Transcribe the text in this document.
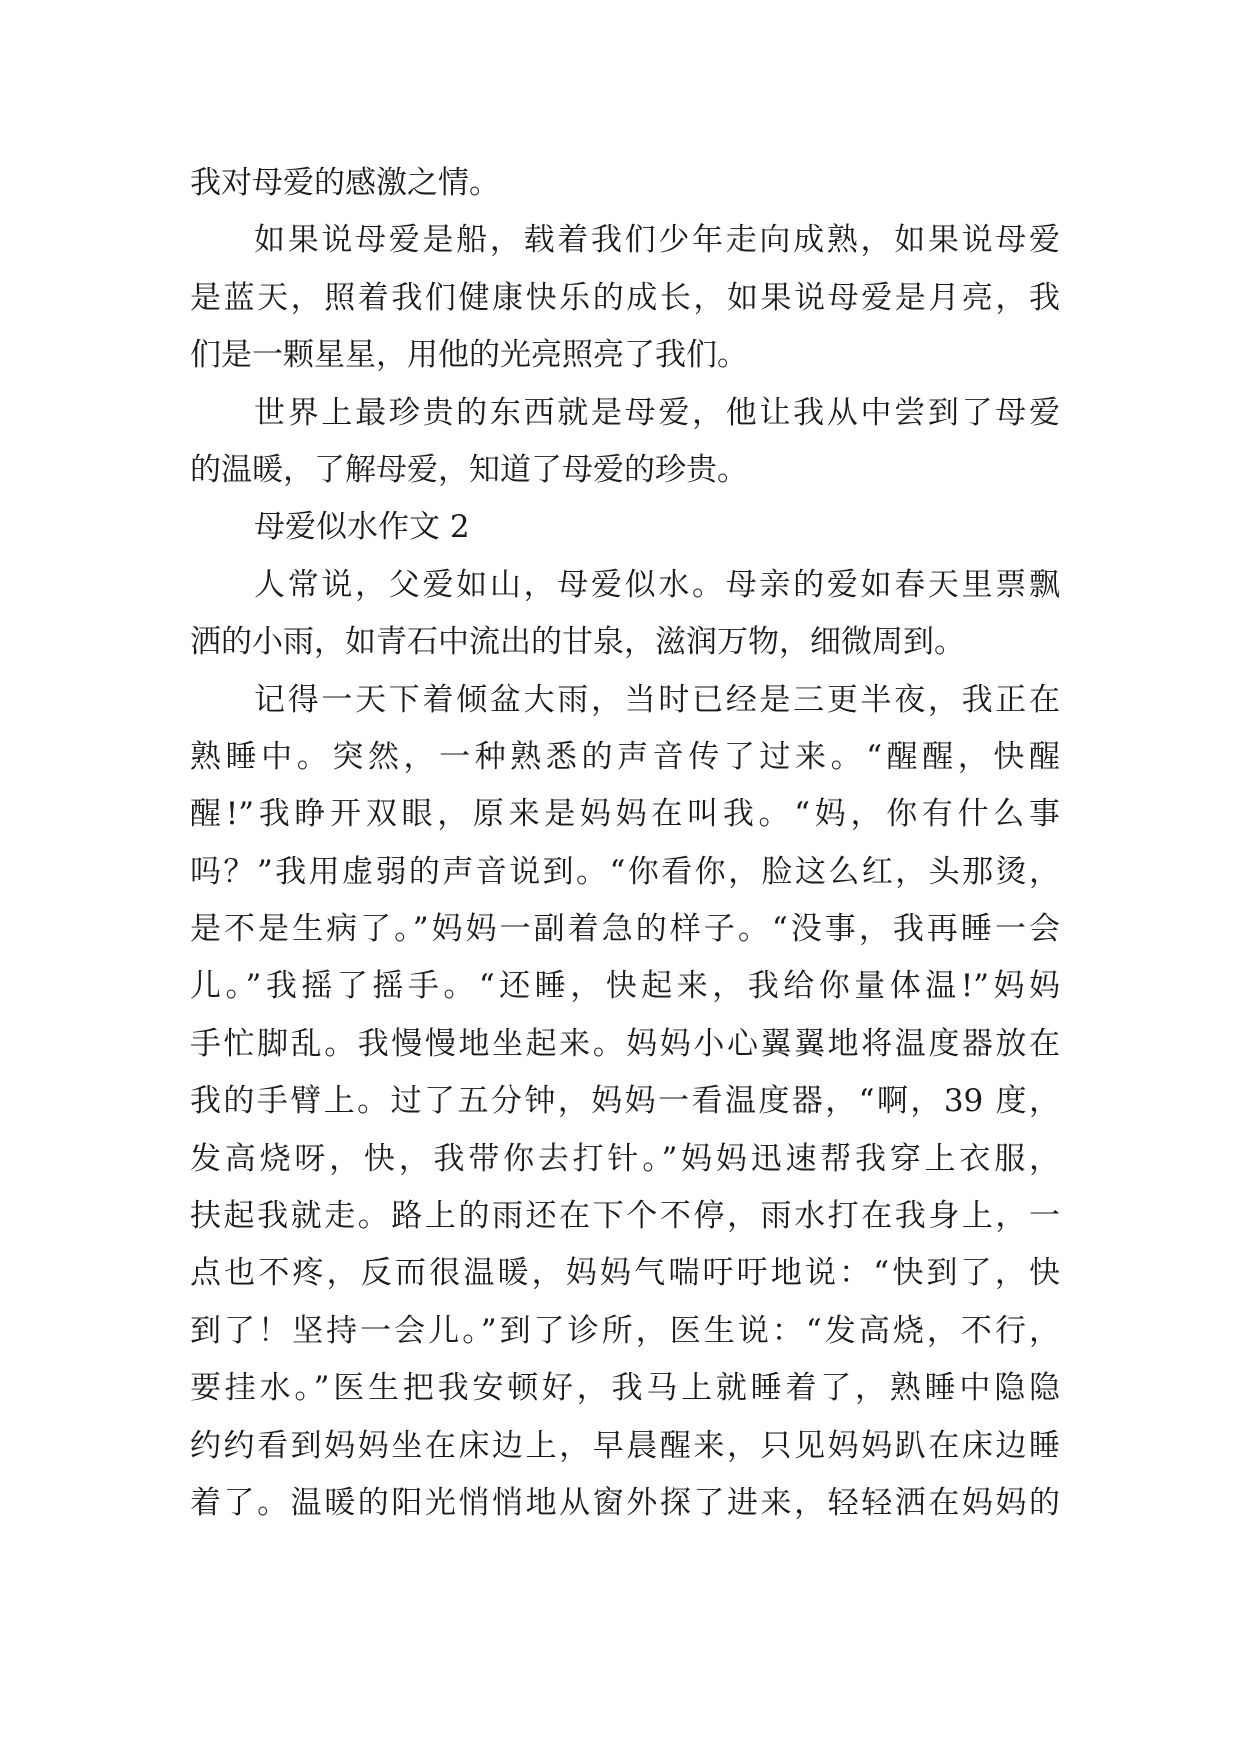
我对母爱的感激之情。
如果说母爱是船，载着我们少年走向成熟，如果说母爱
是蓝天，照着我们健康快乐的成长，如果说母爱是月亮，我
们是一颗星星，用他的光亮照亮了我们。
世界上最珍贵的东西就是母爱，他让我从中尝到了母爱
的温暖，了解母爱，知道了母爱的珍贵。
母爱似水作文 2
人常说，父爱如山，母爱似水。母亲的爱如春天里票飘
洒的小雨，如青石中流出的甘泉，滋润万物，细微周到。
记得一天下着倾盆大雨，当时已经是三更半夜，我正在
熟睡中。突然，一种熟悉的声音传了过来。“醒醒，快醒
醒!”我睁开双眼，原来是妈妈在叫我。“妈，你有什么事
吗？”我用虚弱的声音说到。“你看你，脸这么红，头那烫，
是不是生病了。”妈妈一副着急的样子。“没事，我再睡一会
儿。”我摇了摇手。“还睡，快起来，我给你量体温!”妈妈
手忙脚乱。我慢慢地坐起来。妈妈小心翼翼地将温度器放在
我的手臂上。过了五分钟，妈妈一看温度器，“啊，39 度，
发高烧呀，快，我带你去打针。”妈妈迅速帮我穿上衣服，
扶起我就走。路上的雨还在下个不停，雨水打在我身上，一
点也不疼，反而很温暖，妈妈气喘吁吁地说：“快到了，快
到了！坚持一会儿。”到了诊所，医生说：“发高烧，不行，
要挂水。”医生把我安顿好，我马上就睡着了，熟睡中隐隐
约约看到妈妈坐在床边上，早晨醒来，只见妈妈趴在床边睡
着了。温暖的阳光悄悄地从窗外探了进来，轻轻洒在妈妈的
